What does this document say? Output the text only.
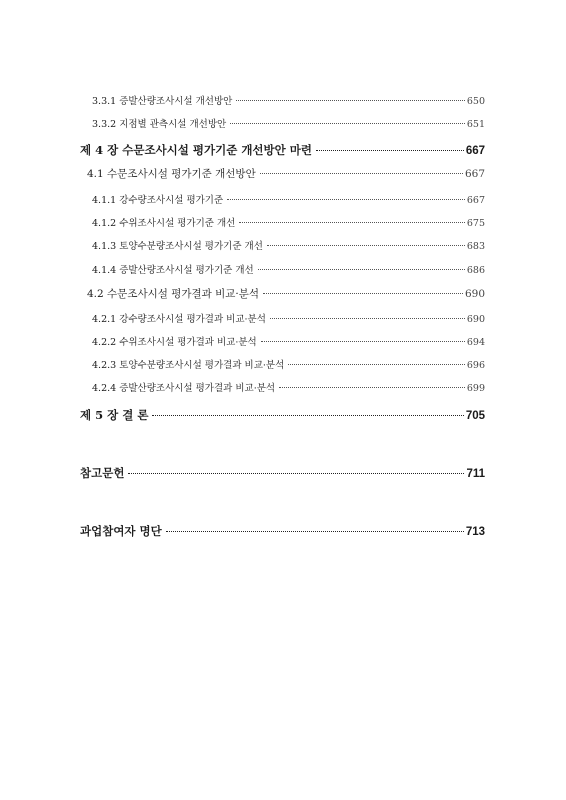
3.3.1 증발산량조사시설 개선방안	650
3.3.2 지점별 관측시설 개선방안	651
제 4 장 수문조사시설 평가기준 개선방안 마련	667
4.1 수문조사시설 평가기준 개선방안	667
4.1.1 강수량조사시설 평가기준	667
4.1.2 수위조사시설 평가기준 개선	675
4.1.3 토양수분량조사시설 평가기준 개선	683
4.1.4 증발산량조사시설 평가기준 개선	686
4.2 수문조사시설 평가결과 비교·분석	690
4.2.1 강수량조사시설 평가결과 비교·분석	690
4.2.2 수위조사시설 평가결과 비교·분석	694
4.2.3 토양수분량조사시설 평가결과 비교·분석	696
4.2.4 증발산량조사시설 평가결과 비교·분석	699
제 5 장 결 론	705
참고문헌	711
과업참여자 명단	713
